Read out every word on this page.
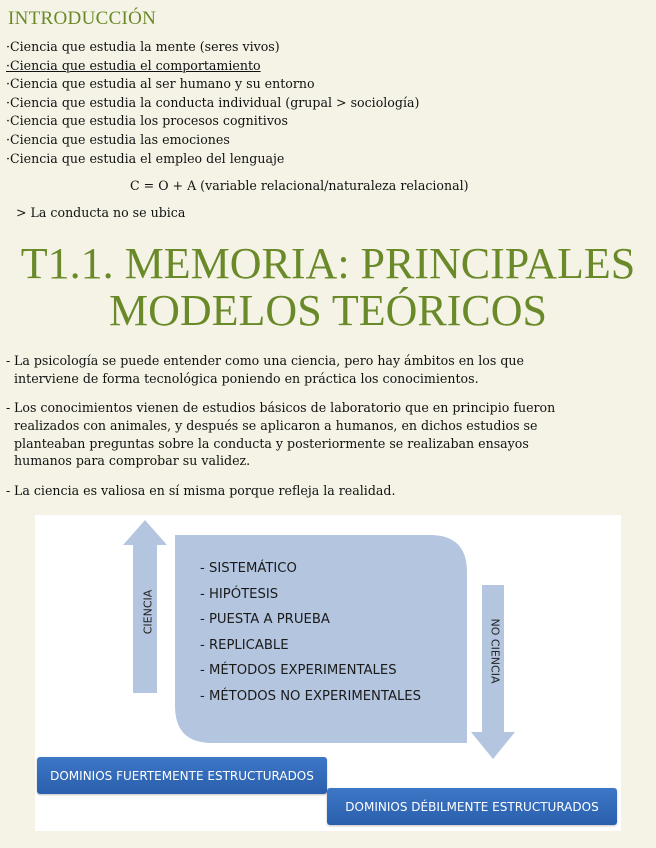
INTRODUCCIÓN
·Ciencia que estudia la mente (seres vivos)
·Ciencia que estudia el comportamiento
·Ciencia que estudia al ser humano y su entorno
·Ciencia que estudia la conducta individual (grupal > sociología)
·Ciencia que estudia los procesos cognitivos
·Ciencia que estudia las emociones
·Ciencia que estudia el empleo del lenguaje
C = O + A (variable relacional/naturaleza relacional)
> La conducta no se ubica
T1.1. MEMORIA: PRINCIPALES
MODELOS TEÓRICOS
- La psicología se puede entender como una ciencia, pero hay ámbitos en los que
interviene de forma tecnológica poniendo en práctica los conocimientos.
- Los conocimientos vienen de estudios básicos de laboratorio que en principio fueron
realizados con animales, y después se aplicaron a humanos, en dichos estudios se
planteaban preguntas sobre la conducta y posteriormente se realizaban ensayos
humanos para comprobar su validez.
- La ciencia es valiosa en sí misma porque refleja la realidad.
CIENCIA
NO CIENCIA
- SISTEMÁTICO
- HIPÓTESIS
- PUESTA A PRUEBA
- REPLICABLE
- MÉTODOS EXPERIMENTALES
- MÉTODOS NO EXPERIMENTALES
DOMINIOS FUERTEMENTE ESTRUCTURADOS
DOMINIOS DÉBILMENTE ESTRUCTURADOS
